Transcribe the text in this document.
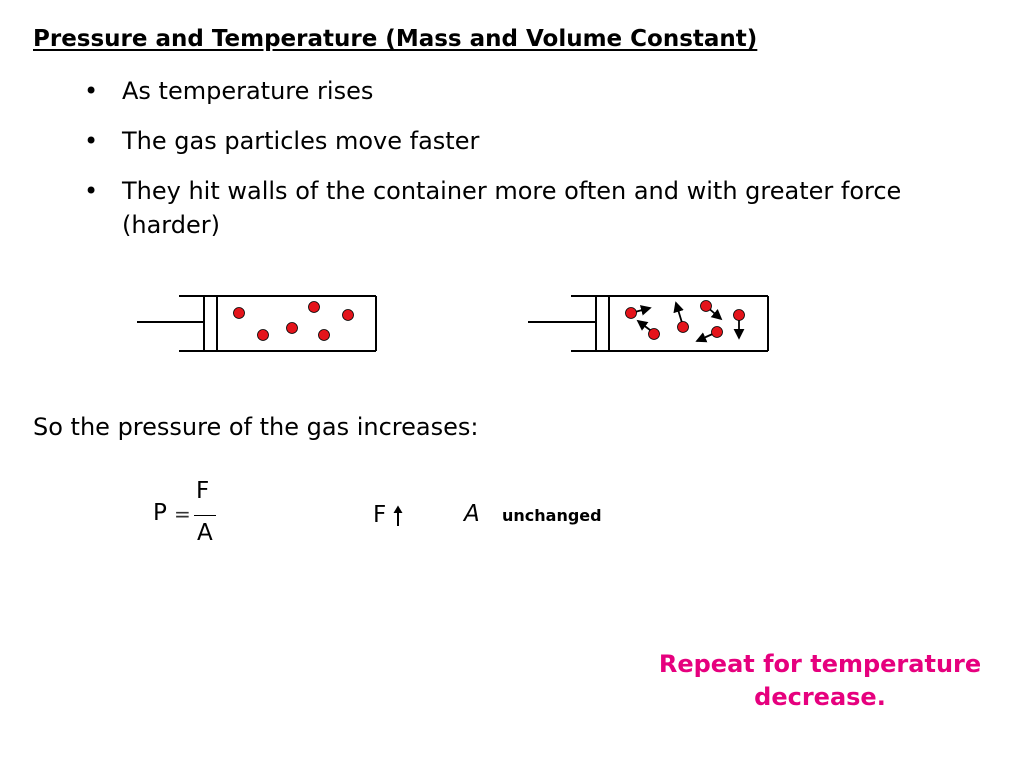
Pressure and Temperature (Mass and Volume Constant)
• As temperature rises
• The gas particles move faster
• They hit walls of the container more often and with greater force (harder)
So the pressure of the gas increases:
P =
F
A
F	A unchanged
Repeat for temperature decrease.
